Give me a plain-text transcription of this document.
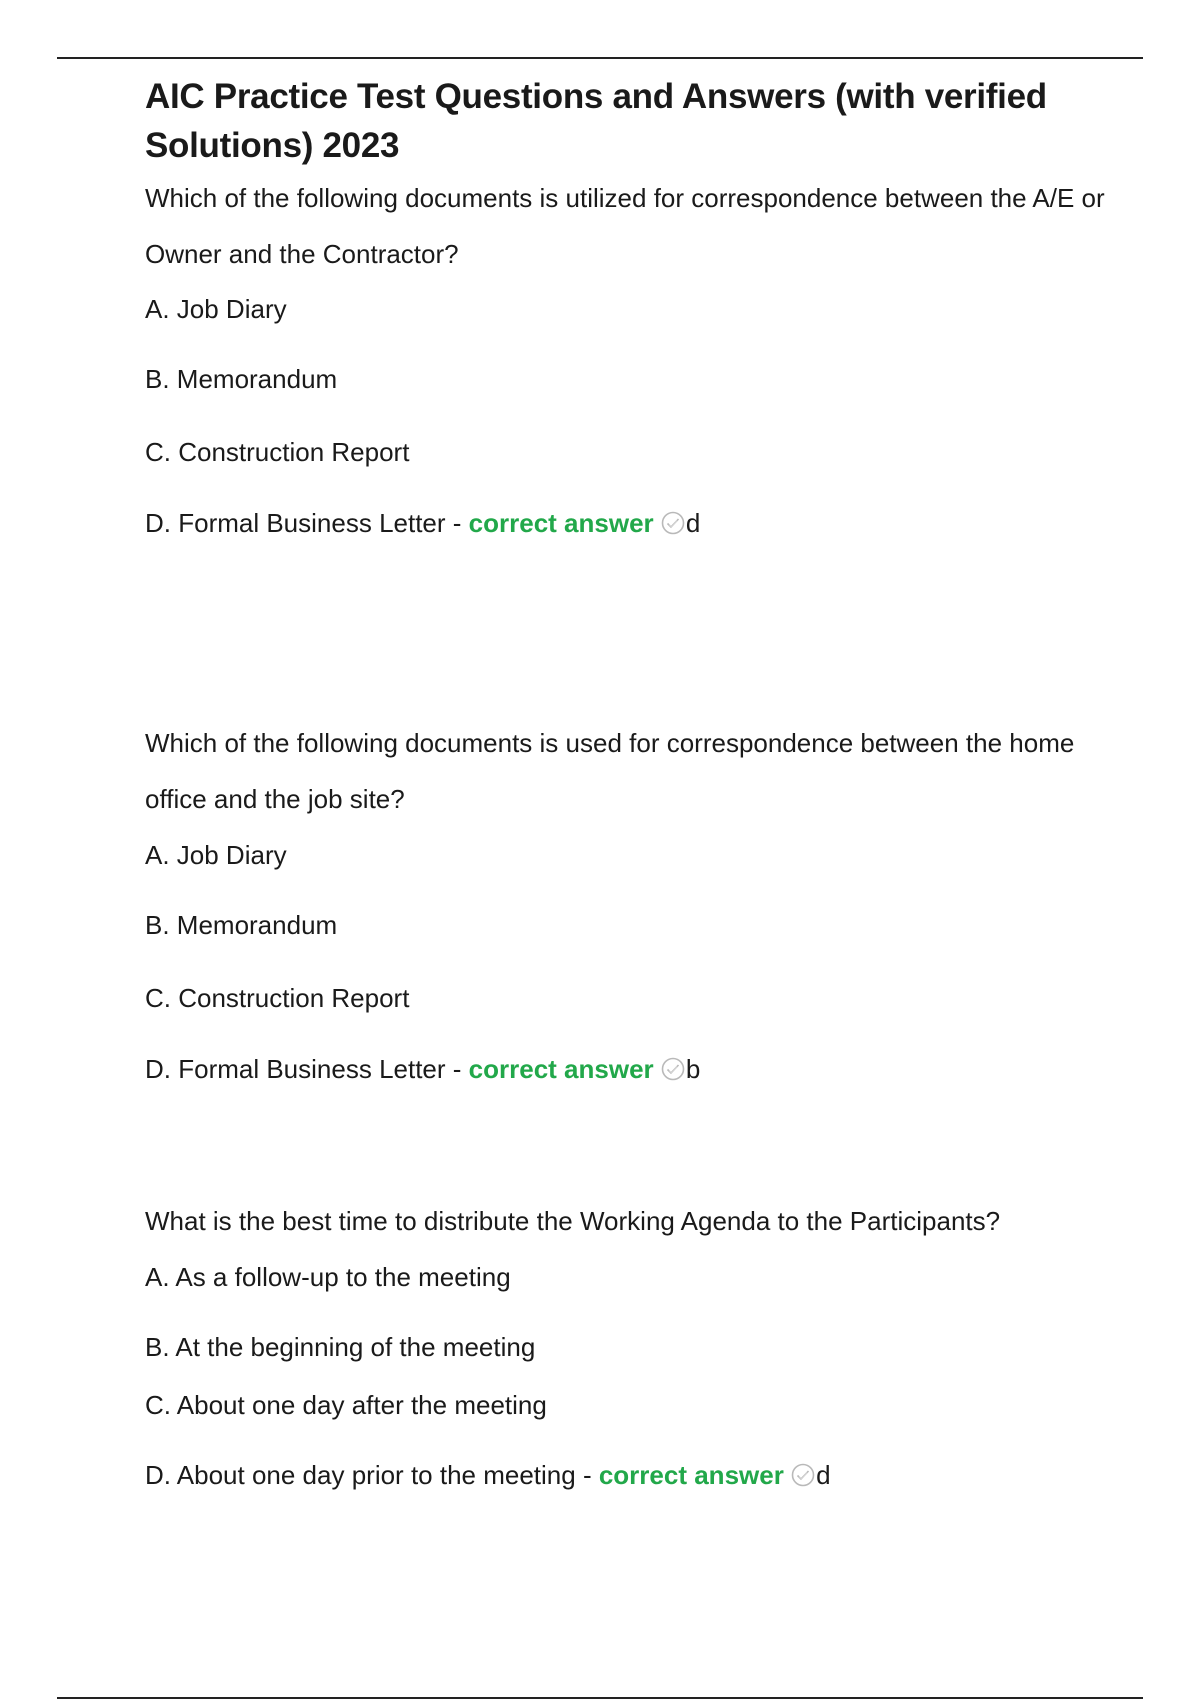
AIC Practice Test Questions and Answers (with verified Solutions) 2023

Which of the following documents is utilized for correspondence between the A/E or Owner and the Contractor?

A. Job Diary

B. Memorandum

C. Construction Report

D. Formal Business Letter - correct answer d

Which of the following documents is used for correspondence between the home office and the job site?

A. Job Diary

B. Memorandum

C. Construction Report

D. Formal Business Letter - correct answer b

What is the best time to distribute the Working Agenda to the Participants?

A. As a follow-up to the meeting

B. At the beginning of the meeting

C. About one day after the meeting

D. About one day prior to the meeting - correct answer d
